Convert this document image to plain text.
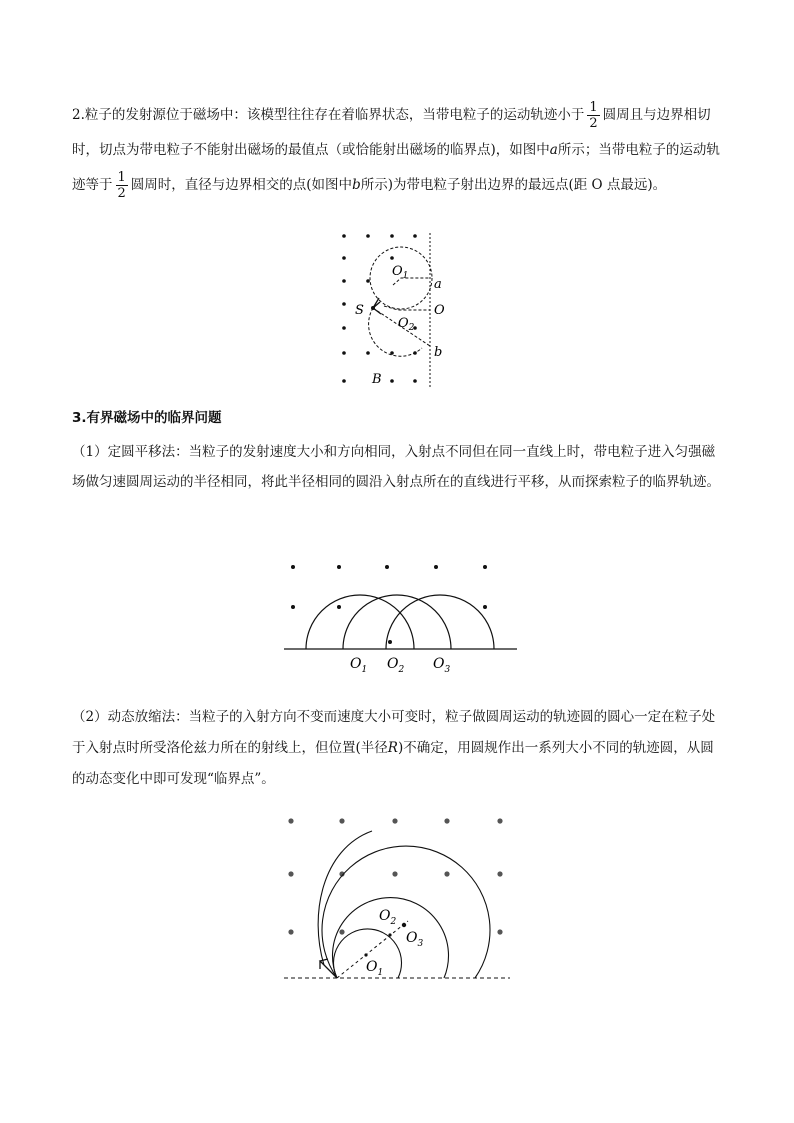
2.粒子的发射源位于磁场中：该模型往往存在着临界状态，当带电粒子的运动轨迹小于 $\frac{1}{2}$ 圆周且与边界相切时，切点为带电粒子不能射出磁场的最值点（或恰能射出磁场的临界点)，如图中a所示；当带电粒子的运动轨迹等于 $\frac{1}{2}$ 圆周时，直径与边界相交的点(如图中b所示)为带电粒子射出边界的最远点(距 O 点最远)。

$O_1$
$O_2$
a
O
b
S
B
3.有界磁场中的临界问题

（1）定圆平移法：当粒子的发射速度大小和方向相同，入射点不同但在同一直线上时，带电粒子进入匀强磁场做匀速圆周运动的半径相同，将此半径相同的圆沿入射点所在的直线进行平移，从而探索粒子的临界轨迹。

$O_1$ $O_2$ $O_3$

（2）动态放缩法：当粒子的入射方向不变而速度大小可变时，粒子做圆周运动的轨迹圆的圆心一定在粒子处于入射点时所受洛伦兹力所在的射线上，但位置(半径R)不确定，用圆规作出一系列大小不同的轨迹圆，从圆的动态变化中即可发现“临界点”。

$O_1$
$O_2$
$O_3$
